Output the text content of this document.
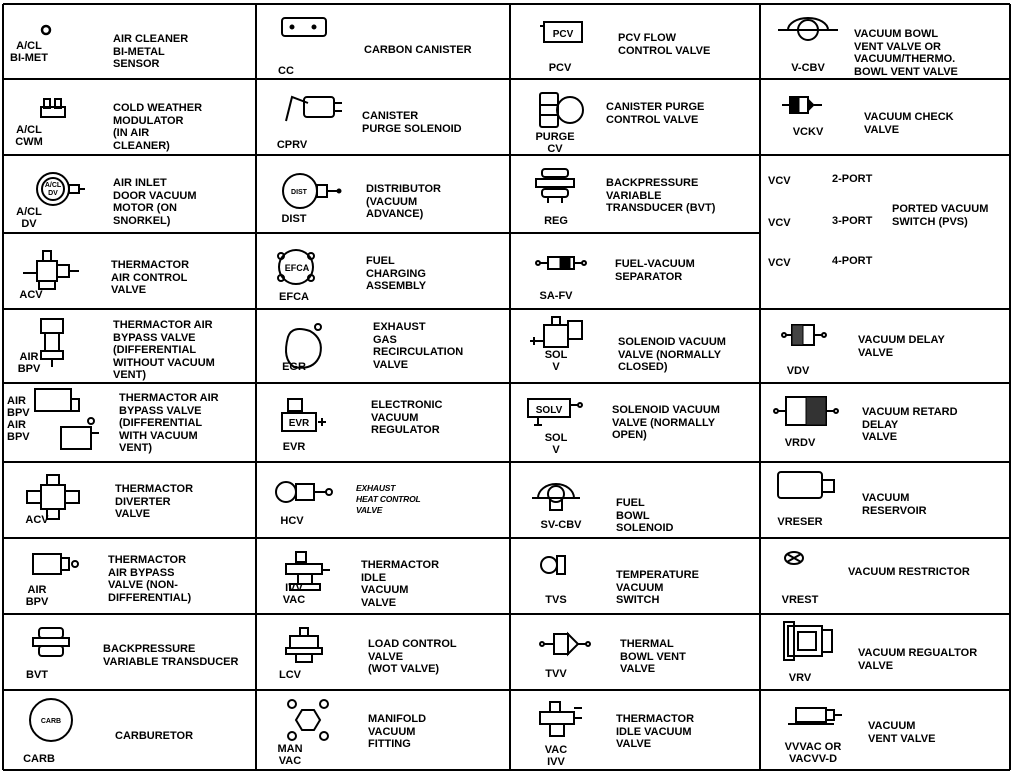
A/CL
BI-MET
AIR CLEANER
BI-METAL
SENSOR
A/CL
CWM
COLD WEATHER
MODULATOR
(IN AIR
CLEANER)
A/CL
DV
A/CL
DV
AIR INLET
DOOR VACUUM
MOTOR (ON
SNORKEL)
ACV
THERMACTOR
AIR CONTROL
VALVE
AIR
BPV
THERMACTOR AIR
BYPASS VALVE
(DIFFERENTIAL
WITHOUT VACUUM
VENT)
AIR
BPV
AIR
BPV
THERMACTOR AIR
BYPASS VALVE
(DIFFERENTIAL
WITH VACUUM
VENT)
ACV
THERMACTOR
DIVERTER
VALVE
AIR
BPV
THERMACTOR
AIR BYPASS
VALVE (NON-
DIFFERENTIAL)
BVT
BACKPRESSURE
VARIABLE TRANSDUCER
CARB
CARB
CARBURETOR
CC
CARBON CANISTER
CPRV
CANISTER
PURGE SOLENOID
DIST
DIST
DISTRIBUTOR
(VACUUM
ADVANCE)
EFCA
EFCA
FUEL
CHARGING
ASSEMBLY
EGR
EXHAUST
GAS
RECIRCULATION
VALVE
EVR
EVR
ELECTRONIC
VACUUM
REGULATOR
HCV
EXHAUST
HEAT CONTROL
VALVE
IVV
VAC
THERMACTOR
IDLE
VACUUM
VALVE
LCV
LOAD CONTROL
VALVE
(WOT VALVE)
MAN
VAC
MANIFOLD
VACUUM
FITTING
PCV
PCV
PCV FLOW
CONTROL VALVE
PURGE
CV
CANISTER PURGE
CONTROL VALVE
REG
BACKPRESSURE
VARIABLE
TRANSDUCER (BVT)
SA-FV
FUEL-VACUUM
SEPARATOR
SOL
V
SOLENOID VACUUM
VALVE (NORMALLY
CLOSED)
SOLV
SOL
V
SOLENOID VACUUM
VALVE (NORMALLY
OPEN)
SV-CBV
FUEL
BOWL
SOLENOID
TVS
TEMPERATURE
VACUUM
SWITCH
TVV
THERMAL
BOWL VENT
VALVE
VAC
IVV
THERMACTOR
IDLE VACUUM
VALVE
V-CBV
VACUUM BOWL
VENT VALVE OR
VACUUM/THERMO.
BOWL VENT VALVE
VCKV
VACUUM CHECK
VALVE
PORTED VACUUM
SWITCH (PVS)
VCV	2-PORT
VCV	3-PORT
VCV	4-PORT
VDV
VACUUM DELAY
VALVE
VRDV
VACUUM RETARD
DELAY
VALVE
VRESER
VACUUM
RESERVOIR
VREST
VACUUM RESTRICTOR
VRV
VACUUM REGUALTOR
VALVE
VVVAC OR
VACVV-D
VACUUM
VENT VALVE
